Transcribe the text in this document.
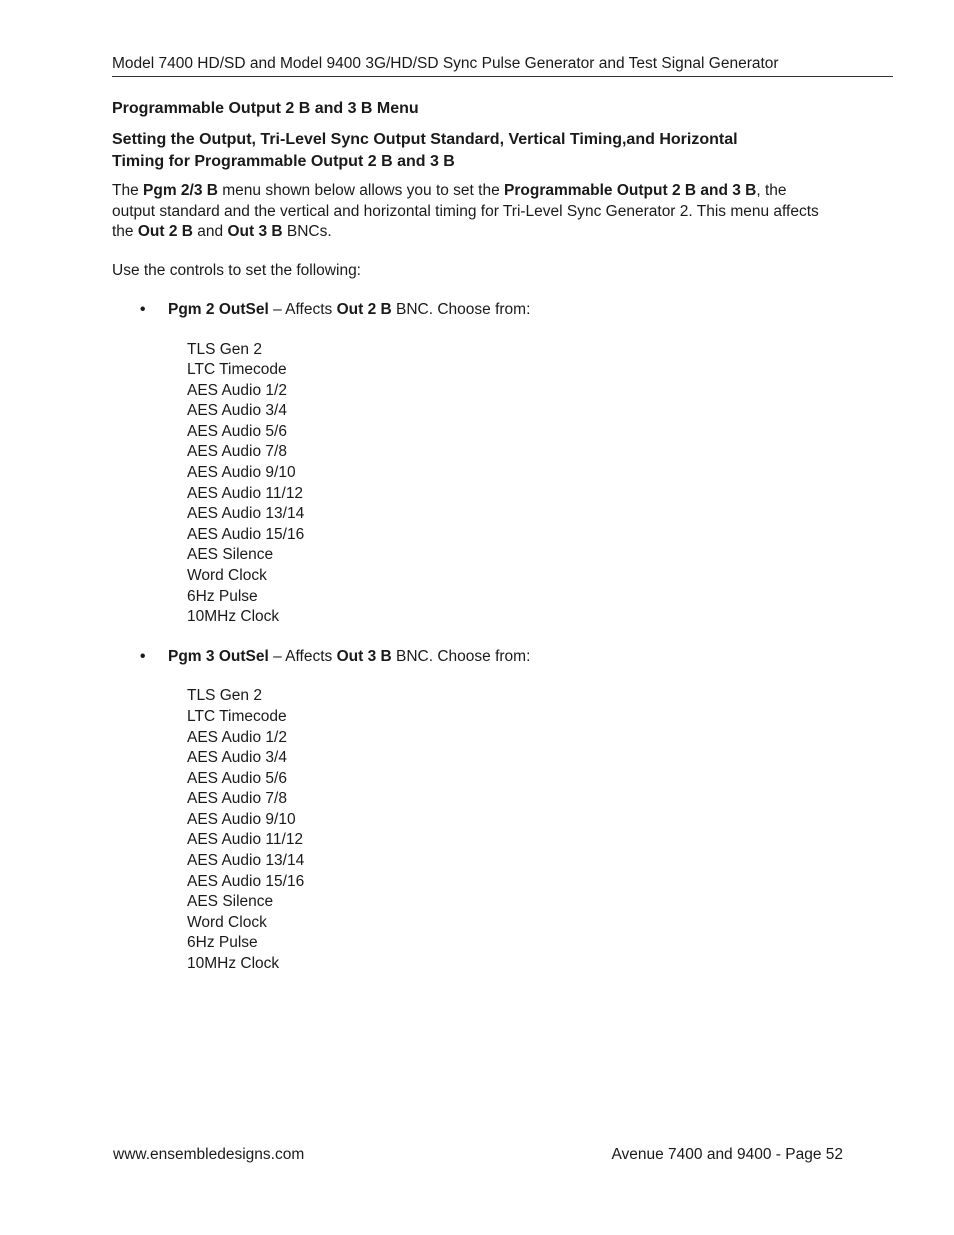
Model 7400 HD/SD and Model 9400 3G/HD/SD Sync Pulse Generator and Test Signal Generator

Programmable Output 2 B and 3 B Menu

Setting the Output, Tri-Level Sync Output Standard, Vertical Timing,and Horizontal
Timing for Programmable Output 2 B and 3 B

The Pgm 2/3 B menu shown below allows you to set the Programmable Output 2 B and 3 B, the output standard and the vertical and horizontal timing for Tri-Level Sync Generator 2. This menu affects the Out 2 B and Out 3 B BNCs.

Use the controls to set the following:

• Pgm 2 OutSel – Affects Out 2 B BNC. Choose from:
TLS Gen 2
LTC Timecode
AES Audio 1/2
AES Audio 3/4
AES Audio 5/6
AES Audio 7/8
AES Audio 9/10
AES Audio 11/12
AES Audio 13/14
AES Audio 15/16
AES Silence
Word Clock
6Hz Pulse
10MHz Clock
• Pgm 3 OutSel – Affects Out 3 B BNC. Choose from:
TLS Gen 2
LTC Timecode
AES Audio 1/2
AES Audio 3/4
AES Audio 5/6
AES Audio 7/8
AES Audio 9/10
AES Audio 11/12
AES Audio 13/14
AES Audio 15/16
AES Silence
Word Clock
6Hz Pulse
10MHz Clock
www.ensembledesigns.com	Avenue 7400 and 9400 - Page 52
